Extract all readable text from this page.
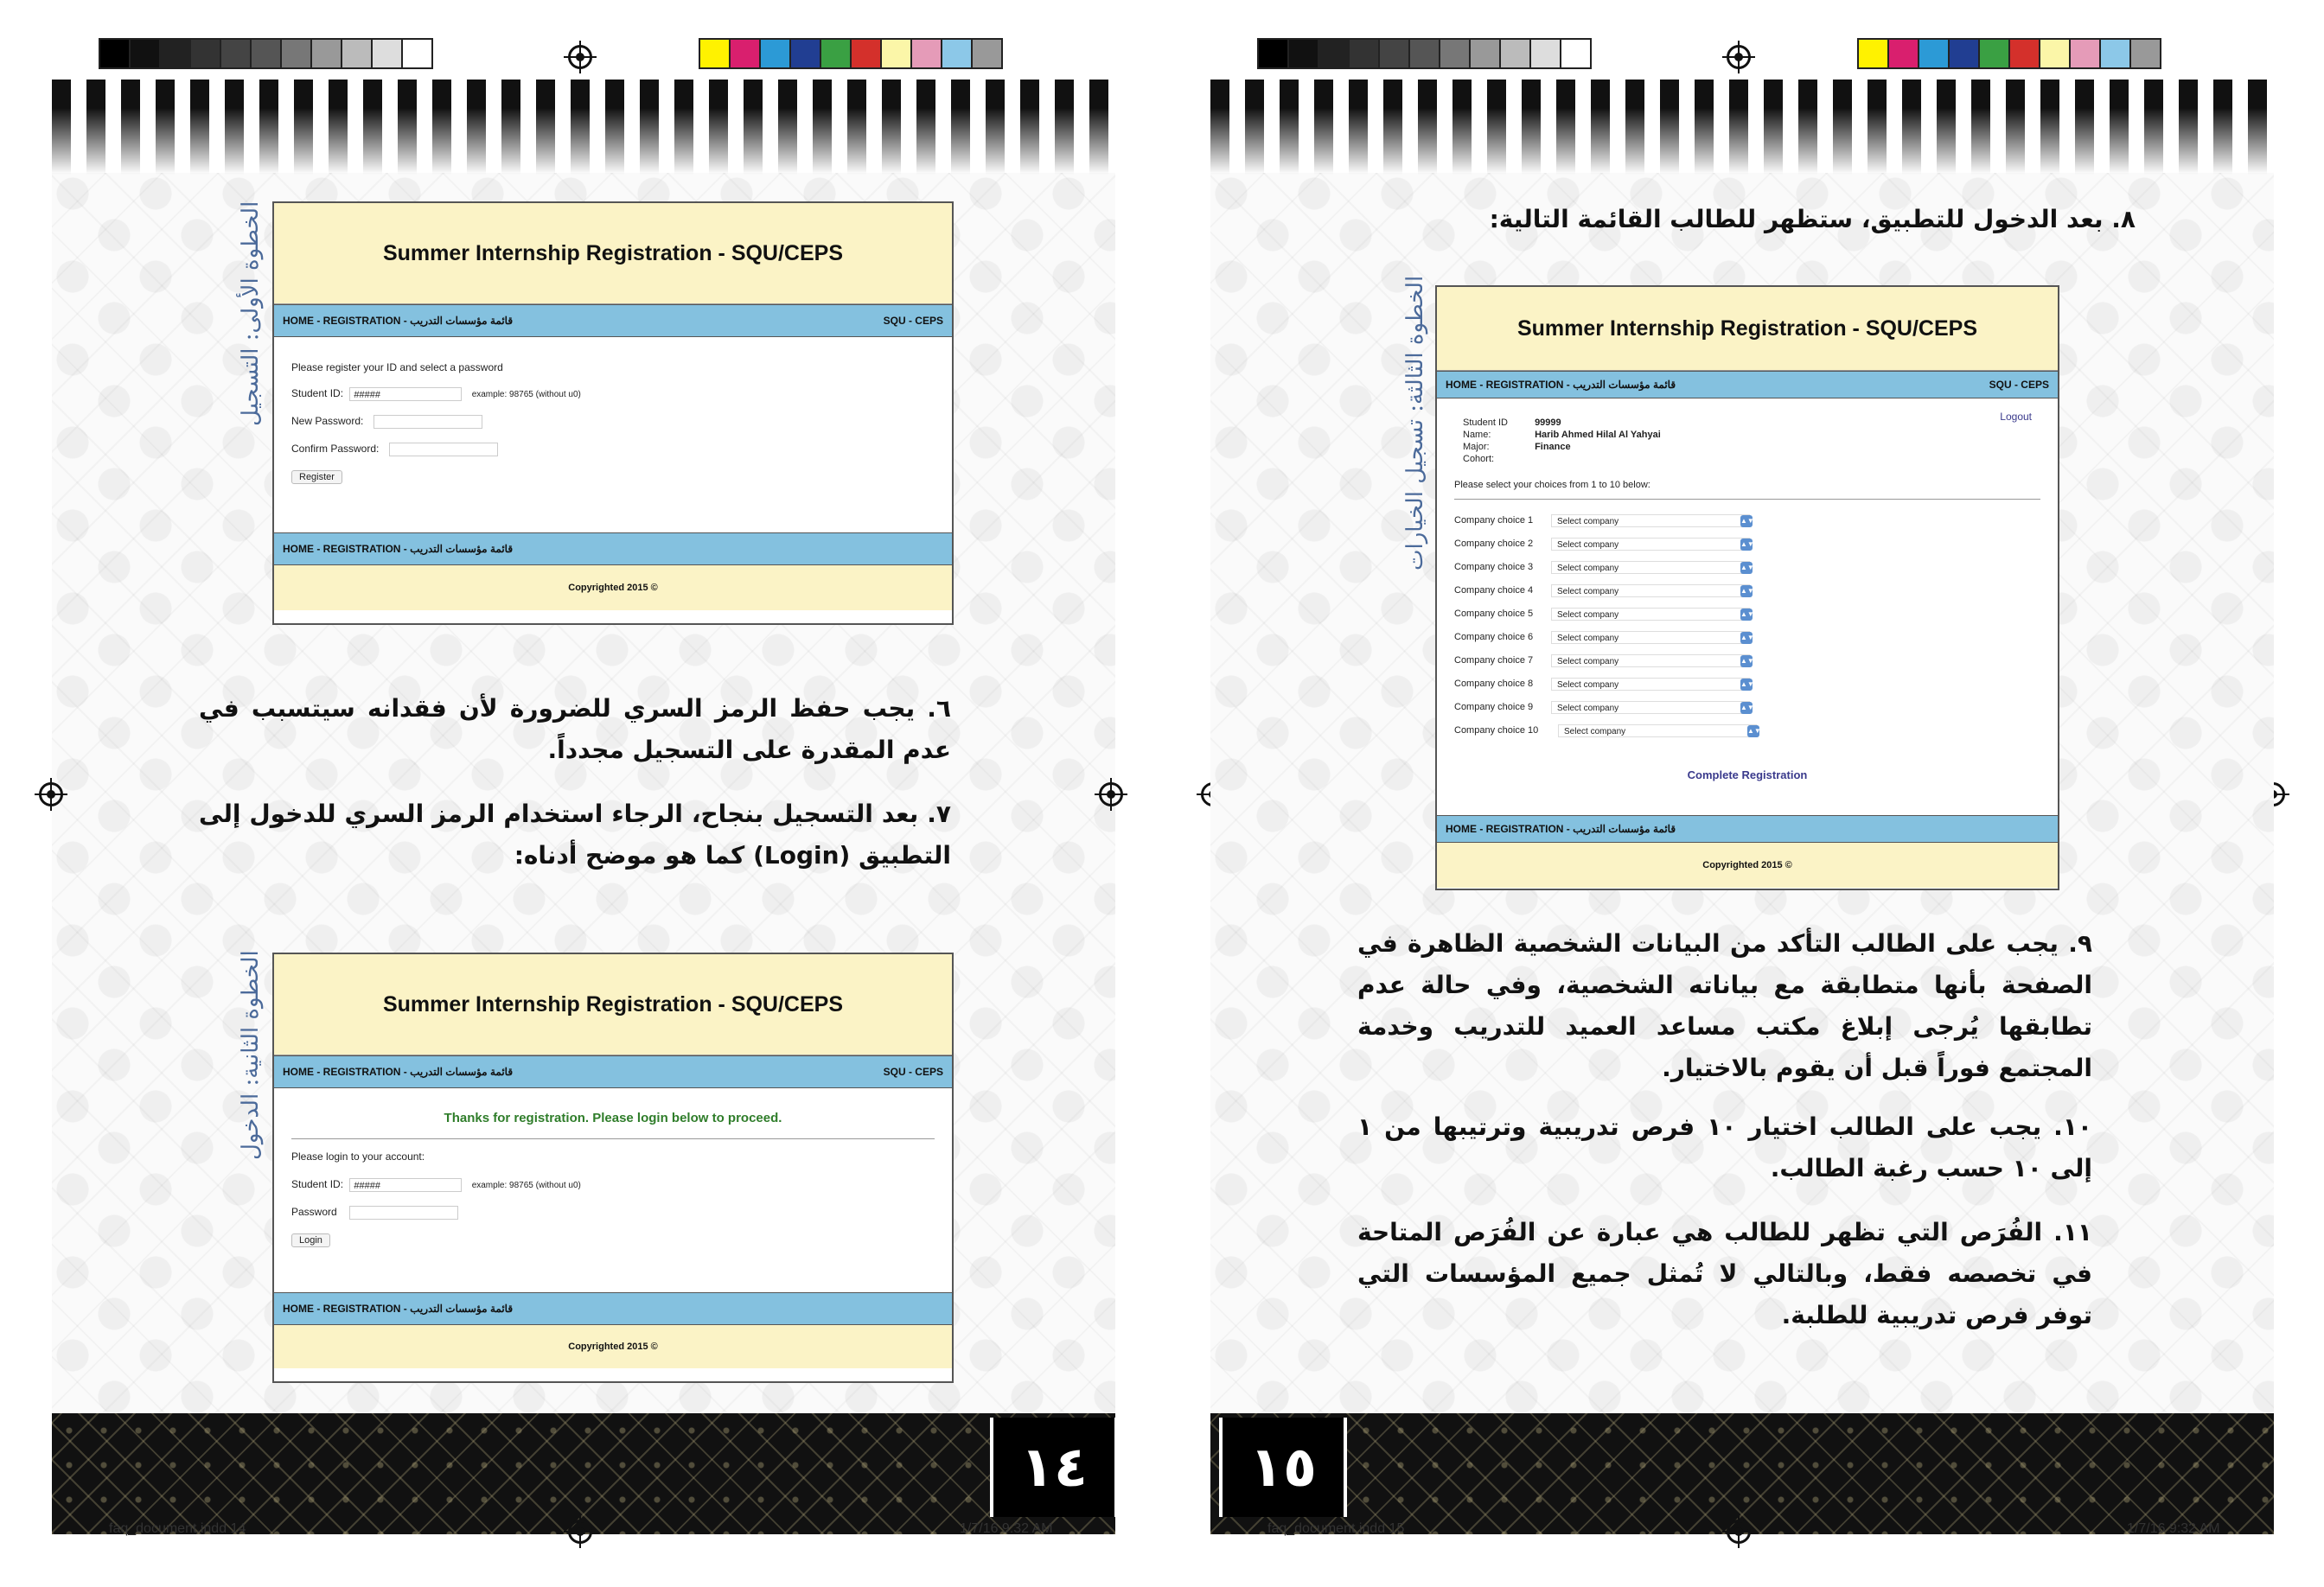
Summer Internship Registration - SQU/CEPS
HOME - REGISTRATION - قائمة مؤسسات التدريب	SQU - CEPS
Please register your ID and select a password
Student ID: #####	example: 98765 (without u0)
New Password:
Confirm Password:
Register
HOME - REGISTRATION - قائمة مؤسسات التدريب
Copyrighted 2015 ©
الخطوة الأولى: التسجيل
٦. يجب حفظ الرمز السري للضرورة لأن فقدانه سيتسبب في عدم المقدرة على التسجيل مجدداً.
٧. بعد التسجيل بنجاح، الرجاء استخدام الرمز السري للدخول إلى التطبيق (Login) كما هو موضح أدناه:
Summer Internship Registration - SQU/CEPS
HOME - REGISTRATION - قائمة مؤسسات التدريب	SQU - CEPS
Thanks for registration. Please login below to proceed.
Please login to your account:
Student ID: #####	example: 98765 (without u0)
Password
Login
HOME - REGISTRATION - قائمة مؤسسات التدريب
Copyrighted 2015 ©
الخطوة الثانية: الدخول
١٤
faq_document.indd 14	1/7/16 9:32 AM
٨. بعد الدخول للتطبيق، ستظهر للطالب القائمة التالية:
Summer Internship Registration - SQU/CEPS
HOME - REGISTRATION - قائمة مؤسسات التدريب	SQU - CEPS
Logout
Student ID	99999
Name:	Harib Ahmed Hilal Al Yahyai
Major:	Finance
Cohort:
Please select your choices from 1 to 10 below:
Company choice 1	Select company	▲▼
Company choice 2	Select company	▲▼
Company choice 3	Select company	▲▼
Company choice 4	Select company	▲▼
Company choice 5	Select company	▲▼
Company choice 6	Select company	▲▼
Company choice 7	Select company	▲▼
Company choice 8	Select company	▲▼
Company choice 9	Select company	▲▼
Company choice 10	Select company	▲▼
Complete Registration
HOME - REGISTRATION - قائمة مؤسسات التدريب
Copyrighted 2015 ©
الخطوة الثالثة: تسجيل الخيارات
٩. يجب على الطالب التأكد من البيانات الشخصية الظاهرة في الصفحة بأنها متطابقة مع بياناته الشخصية، وفي حالة عدم تطابقها يُرجى إبلاغ مكتب مساعد العميد للتدريب وخدمة المجتمع فوراً قبل أن يقوم بالاختيار.
١٠. يجب على الطالب اختيار ١٠ فرص تدريبية وترتيبها من ١ إلى ١٠ حسب رغبة الطالب.
١١. الفُرَص التي تظهر للطالب هي عبارة عن الفُرَص المتاحة في تخصصه فقط، وبالتالي لا تُمثل جميع المؤسسات التي توفر فرص تدريبية للطلبة.
١٥
faq_document.indd 15	1/7/16 9:32 AM
